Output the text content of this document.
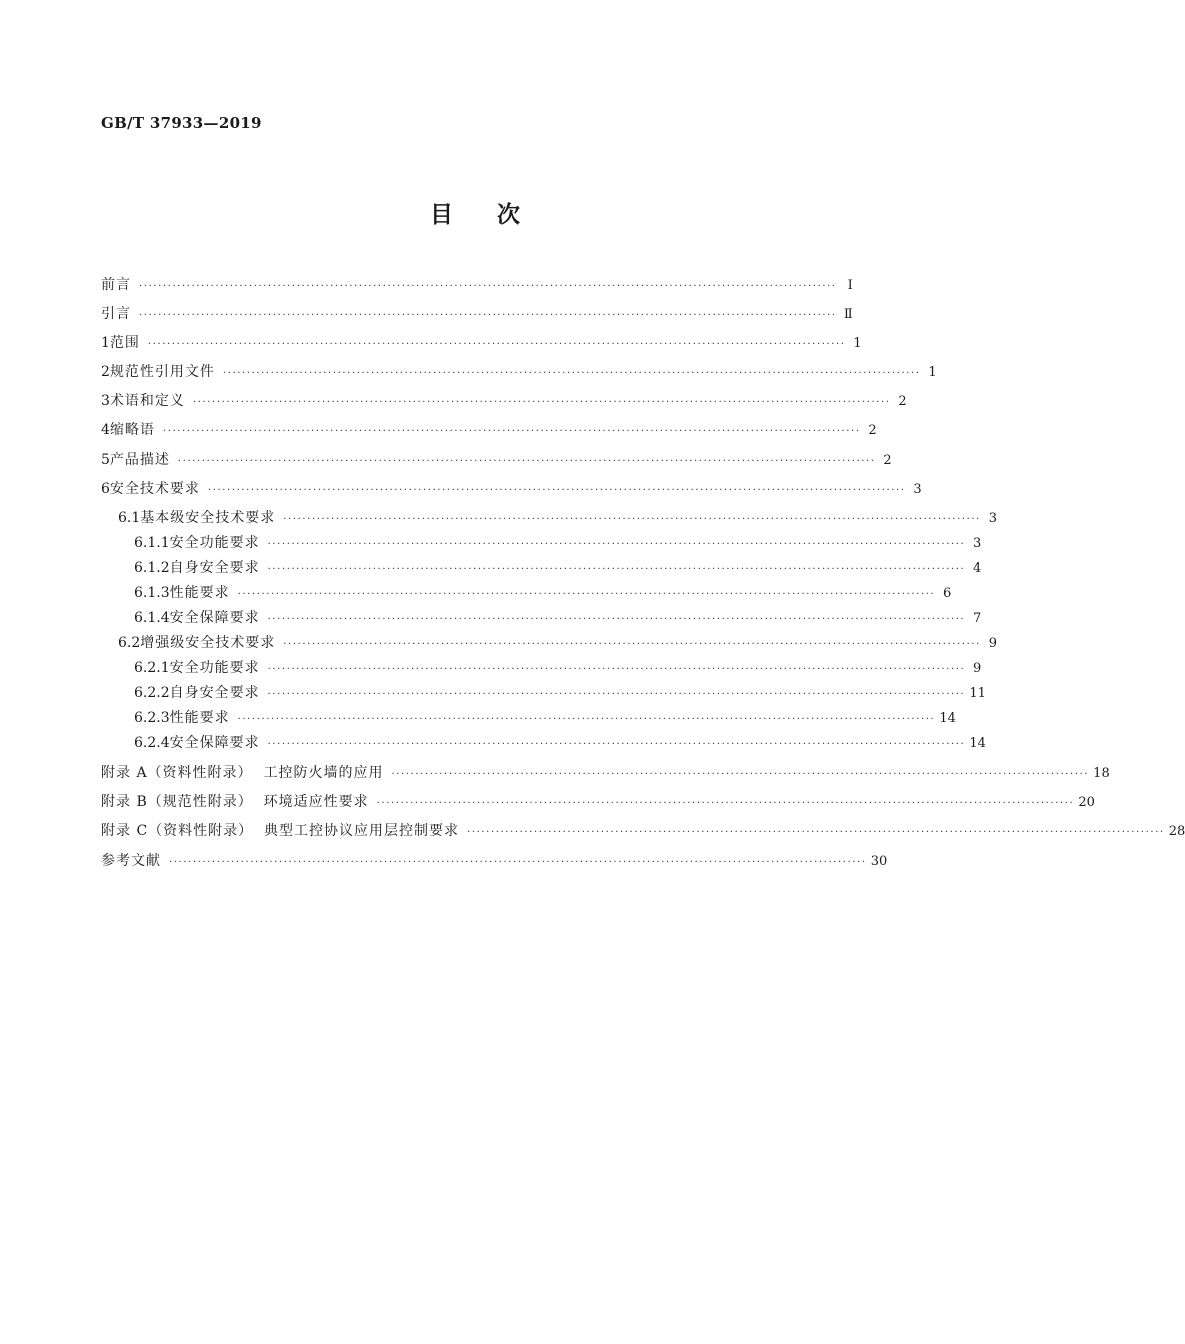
GB/T 37933—2019
目 次
前言 ·················································································································································· Ⅰ
引言 ·················································································································································· Ⅱ
1 范围 ·················································································································································· 1
2 规范性引用文件 ·················································································································································· 1
3 术语和定义 ·················································································································································· 2
4 缩略语 ·················································································································································· 2
5 产品描述 ·················································································································································· 2
6 安全技术要求 ·················································································································································· 3
6.1 基本级安全技术要求 ·················································································································································· 3
6.1.1 安全功能要求 ·················································································································································· 3
6.1.2 自身安全要求 ·················································································································································· 4
6.1.3 性能要求 ·················································································································································· 6
6.1.4 安全保障要求 ·················································································································································· 7
6.2 增强级安全技术要求 ·················································································································································· 9
6.2.1 安全功能要求 ·················································································································································· 9
6.2.2 自身安全要求 ·················································································································································· 11
6.2.3 性能要求 ·················································································································································· 14
6.2.4 安全保障要求 ·················································································································································· 14
附录 A（资料性附录）  工控防火墙的应用 ·················································································································································· 18
附录 B（规范性附录）  环境适应性要求 ·················································································································································· 20
附录 C（资料性附录）  典型工控协议应用层控制要求 ·················································································································································· 28
参考文献 ·················································································································································· 30
